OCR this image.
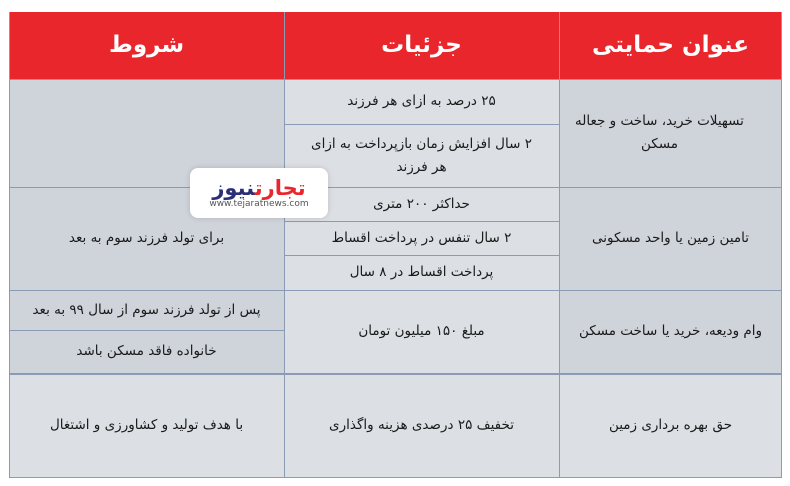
عنوان حمایتی
جزئیات
شروط
تسهیلات خرید، ساخت و جعاله مسکن
۲۵ درصد به ازای هر فرزند
۲ سال افزایش زمان بازپرداخت به ازای هر فرزند
تامین زمین یا واحد مسکونی
حداکثر ۲۰۰ متری
۲ سال تنفس در پرداخت اقساط
پرداخت اقساط در ۸ سال
برای تولد فرزند سوم به بعد
وام ودیعه، خرید یا ساخت مسکن
مبلغ ۱۵۰ میلیون تومان
پس از تولد فرزند سوم از سال ۹۹ به بعد
خانواده فاقد مسکن باشد
حق بهره برداری زمین
تخفیف ۲۵ درصدی هزینه واگذاری
با هدف تولید و کشاورزی و اشتغال
تجارتنیوز
www.tejaratnews.com
